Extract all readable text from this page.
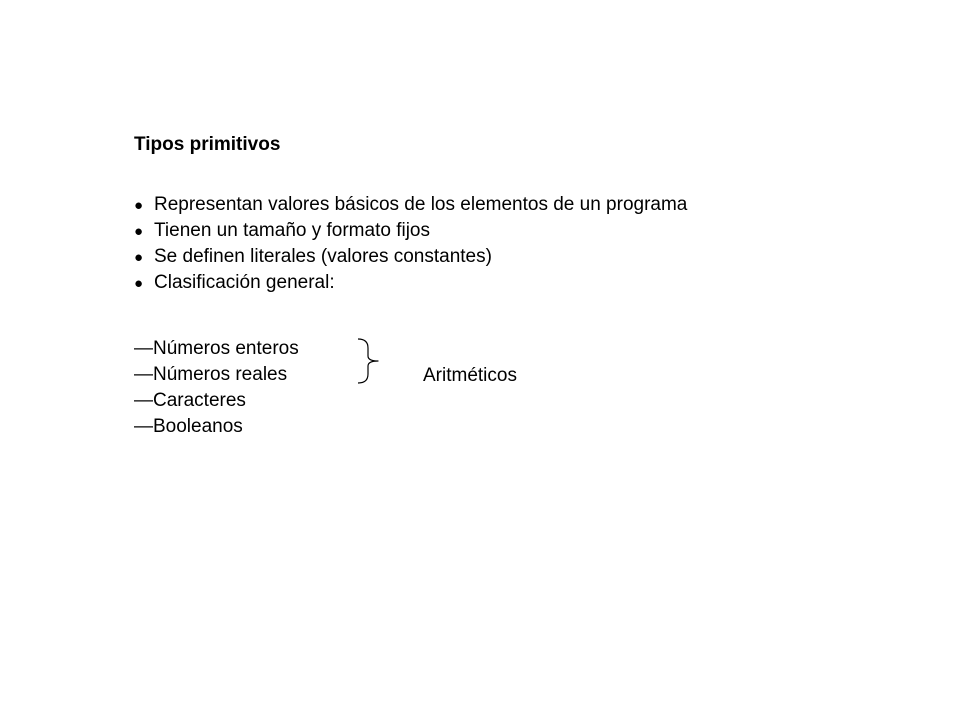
Tipos primitivos
● Representan valores básicos de los elementos de un programa
● Tienen un tamaño y formato fijos
● Se definen literales (valores constantes)
● Clasificación general:
—Números enteros
—Números reales
—Caracteres
—Booleanos
Aritméticos
